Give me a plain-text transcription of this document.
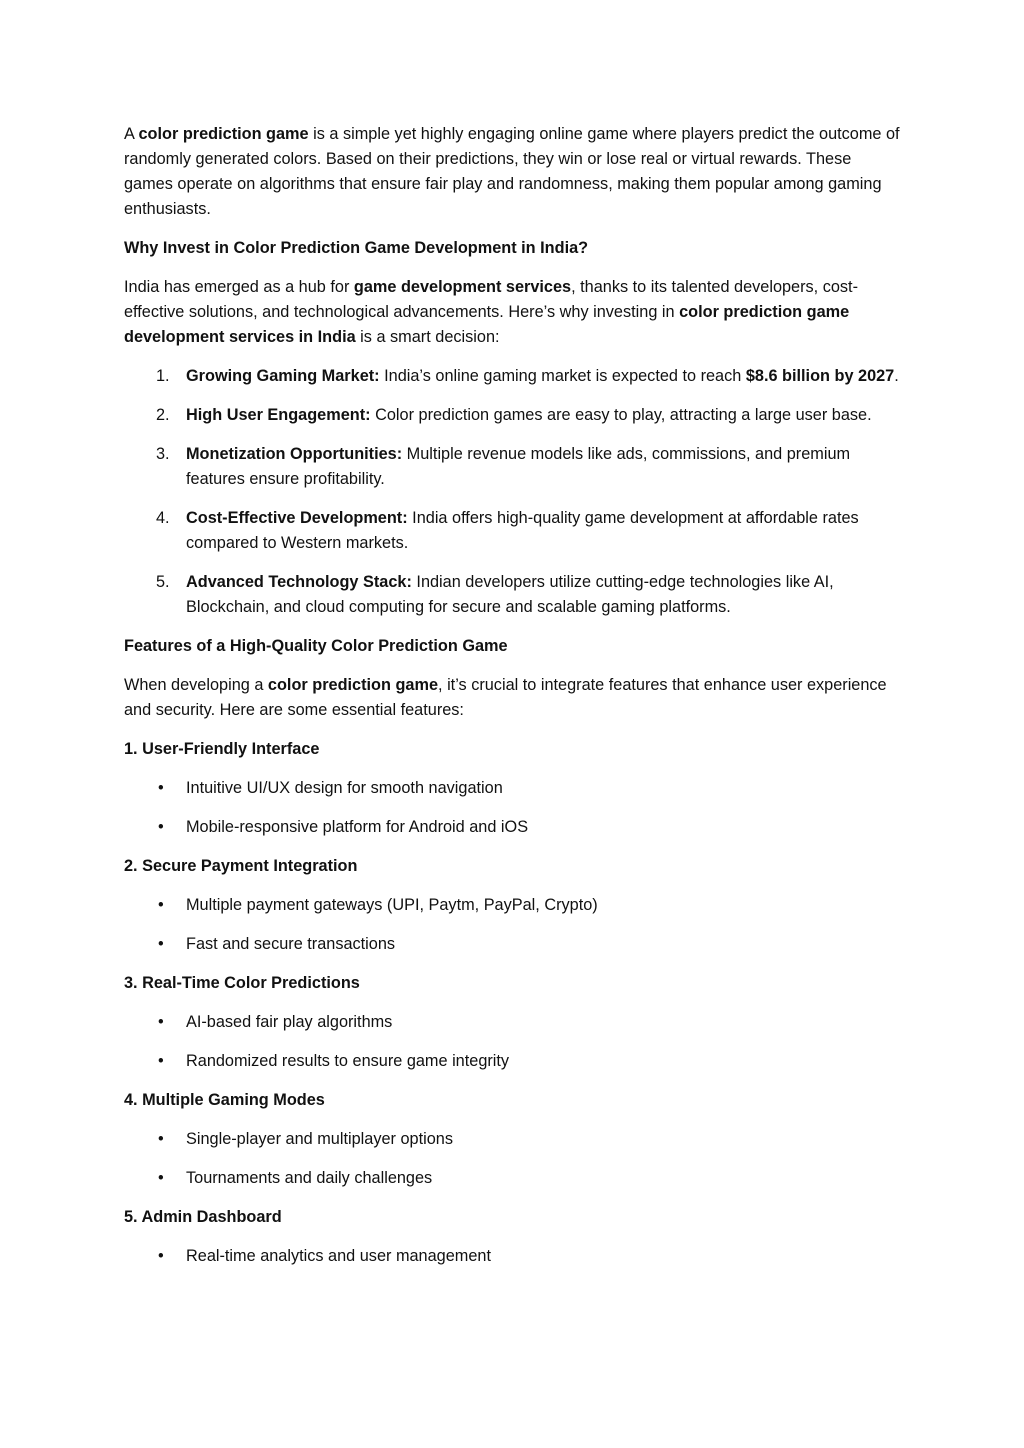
A color prediction game is a simple yet highly engaging online game where players predict the outcome of randomly generated colors. Based on their predictions, they win or lose real or virtual rewards. These games operate on algorithms that ensure fair play and randomness, making them popular among gaming enthusiasts.

Why Invest in Color Prediction Game Development in India?

India has emerged as a hub for game development services, thanks to its talented developers, cost-effective solutions, and technological advancements. Here’s why investing in color prediction game development services in India is a smart decision:

1. Growing Gaming Market: India’s online gaming market is expected to reach $8.6 billion by 2027.
2. High User Engagement: Color prediction games are easy to play, attracting a large user base.
3. Monetization Opportunities: Multiple revenue models like ads, commissions, and premium features ensure profitability.
4. Cost-Effective Development: India offers high-quality game development at affordable rates compared to Western markets.
5. Advanced Technology Stack: Indian developers utilize cutting-edge technologies like AI, Blockchain, and cloud computing for secure and scalable gaming platforms.
Features of a High-Quality Color Prediction Game

When developing a color prediction game, it’s crucial to integrate features that enhance user experience and security. Here are some essential features:

1. User-Friendly Interface
• Intuitive UI/UX design for smooth navigation
• Mobile-responsive platform for Android and iOS
2. Secure Payment Integration
• Multiple payment gateways (UPI, Paytm, PayPal, Crypto)
• Fast and secure transactions
3. Real-Time Color Predictions
• AI-based fair play algorithms
• Randomized results to ensure game integrity
4. Multiple Gaming Modes
• Single-player and multiplayer options
• Tournaments and daily challenges
5. Admin Dashboard
• Real-time analytics and user management
